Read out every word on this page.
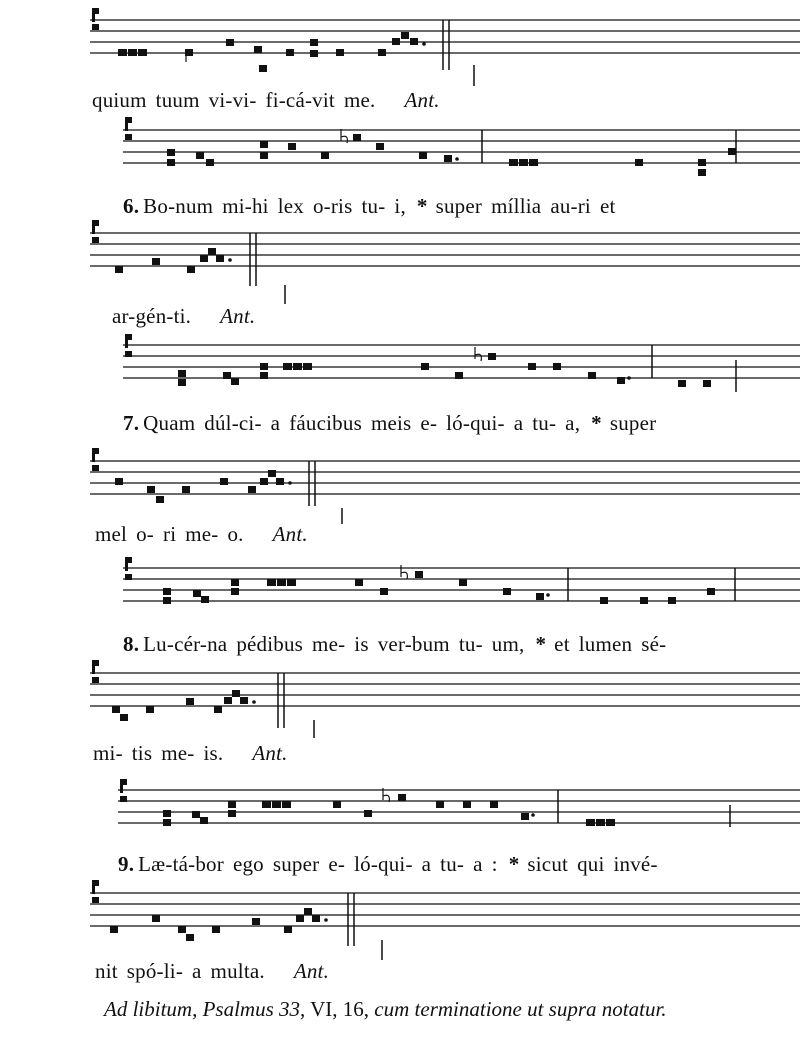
quium tuum vi-vi- fi-cá-vit me. Ant.
6. Bo-num mi-hi lex o-ris tu- i, * super míllia au-ri et
ar-gén-ti. Ant.
7. Quam dúl-ci- a fáucibus meis e- ló-qui- a tu- a, * super
mel o- ri me- o. Ant.
8. Lu-cér-na pédibus me- is ver-bum tu- um, * et lumen sé-
mi- tis me- is. Ant.
9. Læ-tá-bor ego super e- ló-qui- a tu- a : * sicut qui invé-
nit spó-li- a multa. Ant.
Ad libitum, Psalmus 33, VI, 16, cum terminatione ut supra notatur.
